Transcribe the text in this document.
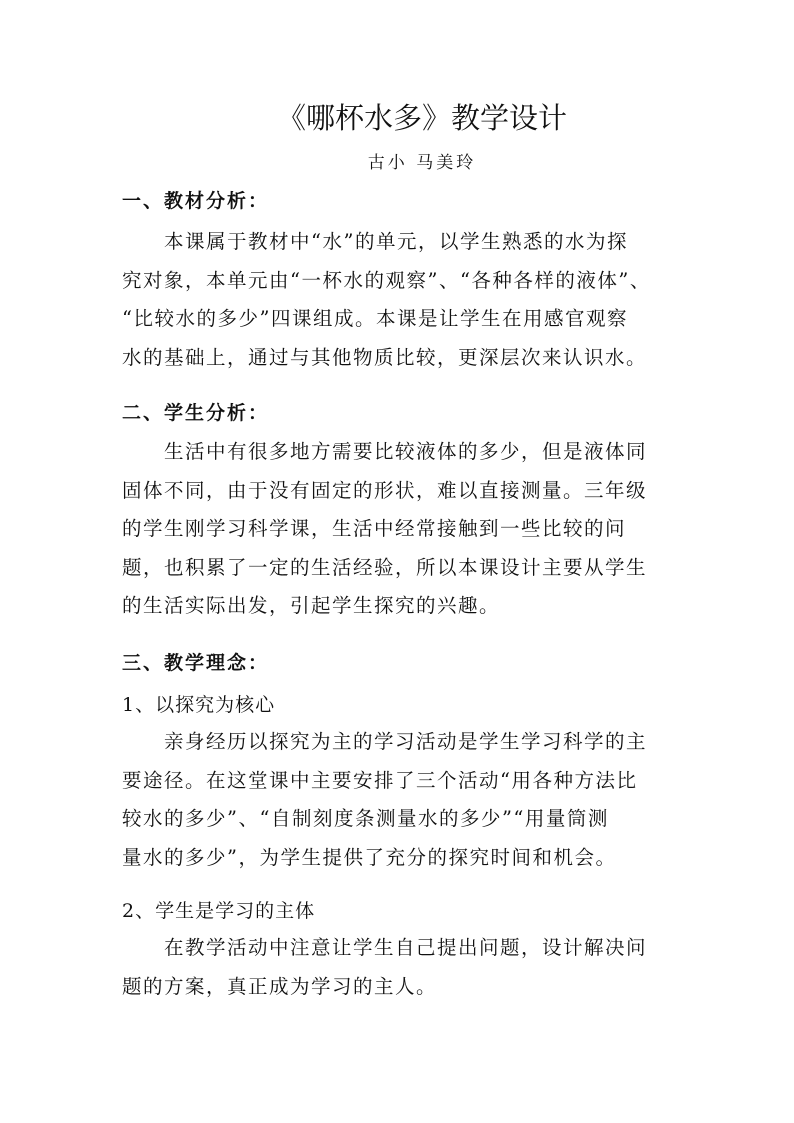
《哪杯水多》教学设计
古小 马美玲
一、教材分析：

本课属于教材中“水”的单元，以学生熟悉的水为探
究对象，本单元由“一杯水的观察”、“各种各样的液体”、
“比较水的多少”四课组成。本课是让学生在用感官观察
水的基础上，通过与其他物质比较，更深层次来认识水。

二、学生分析：

生活中有很多地方需要比较液体的多少，但是液体同
固体不同，由于没有固定的形状，难以直接测量。三年级
的学生刚学习科学课，生活中经常接触到一些比较的问
题，也积累了一定的生活经验，所以本课设计主要从学生
的生活实际出发，引起学生探究的兴趣。

三、教学理念：
1、以探究为核心

亲身经历以探究为主的学习活动是学生学习科学的主
要途径。在这堂课中主要安排了三个活动“用各种方法比
较水的多少”、“自制刻度条测量水的多少”“用量筒测
量水的多少”，为学生提供了充分的探究时间和机会。

2、学生是学习的主体

在教学活动中注意让学生自己提出问题，设计解决问
题的方案，真正成为学习的主人。
